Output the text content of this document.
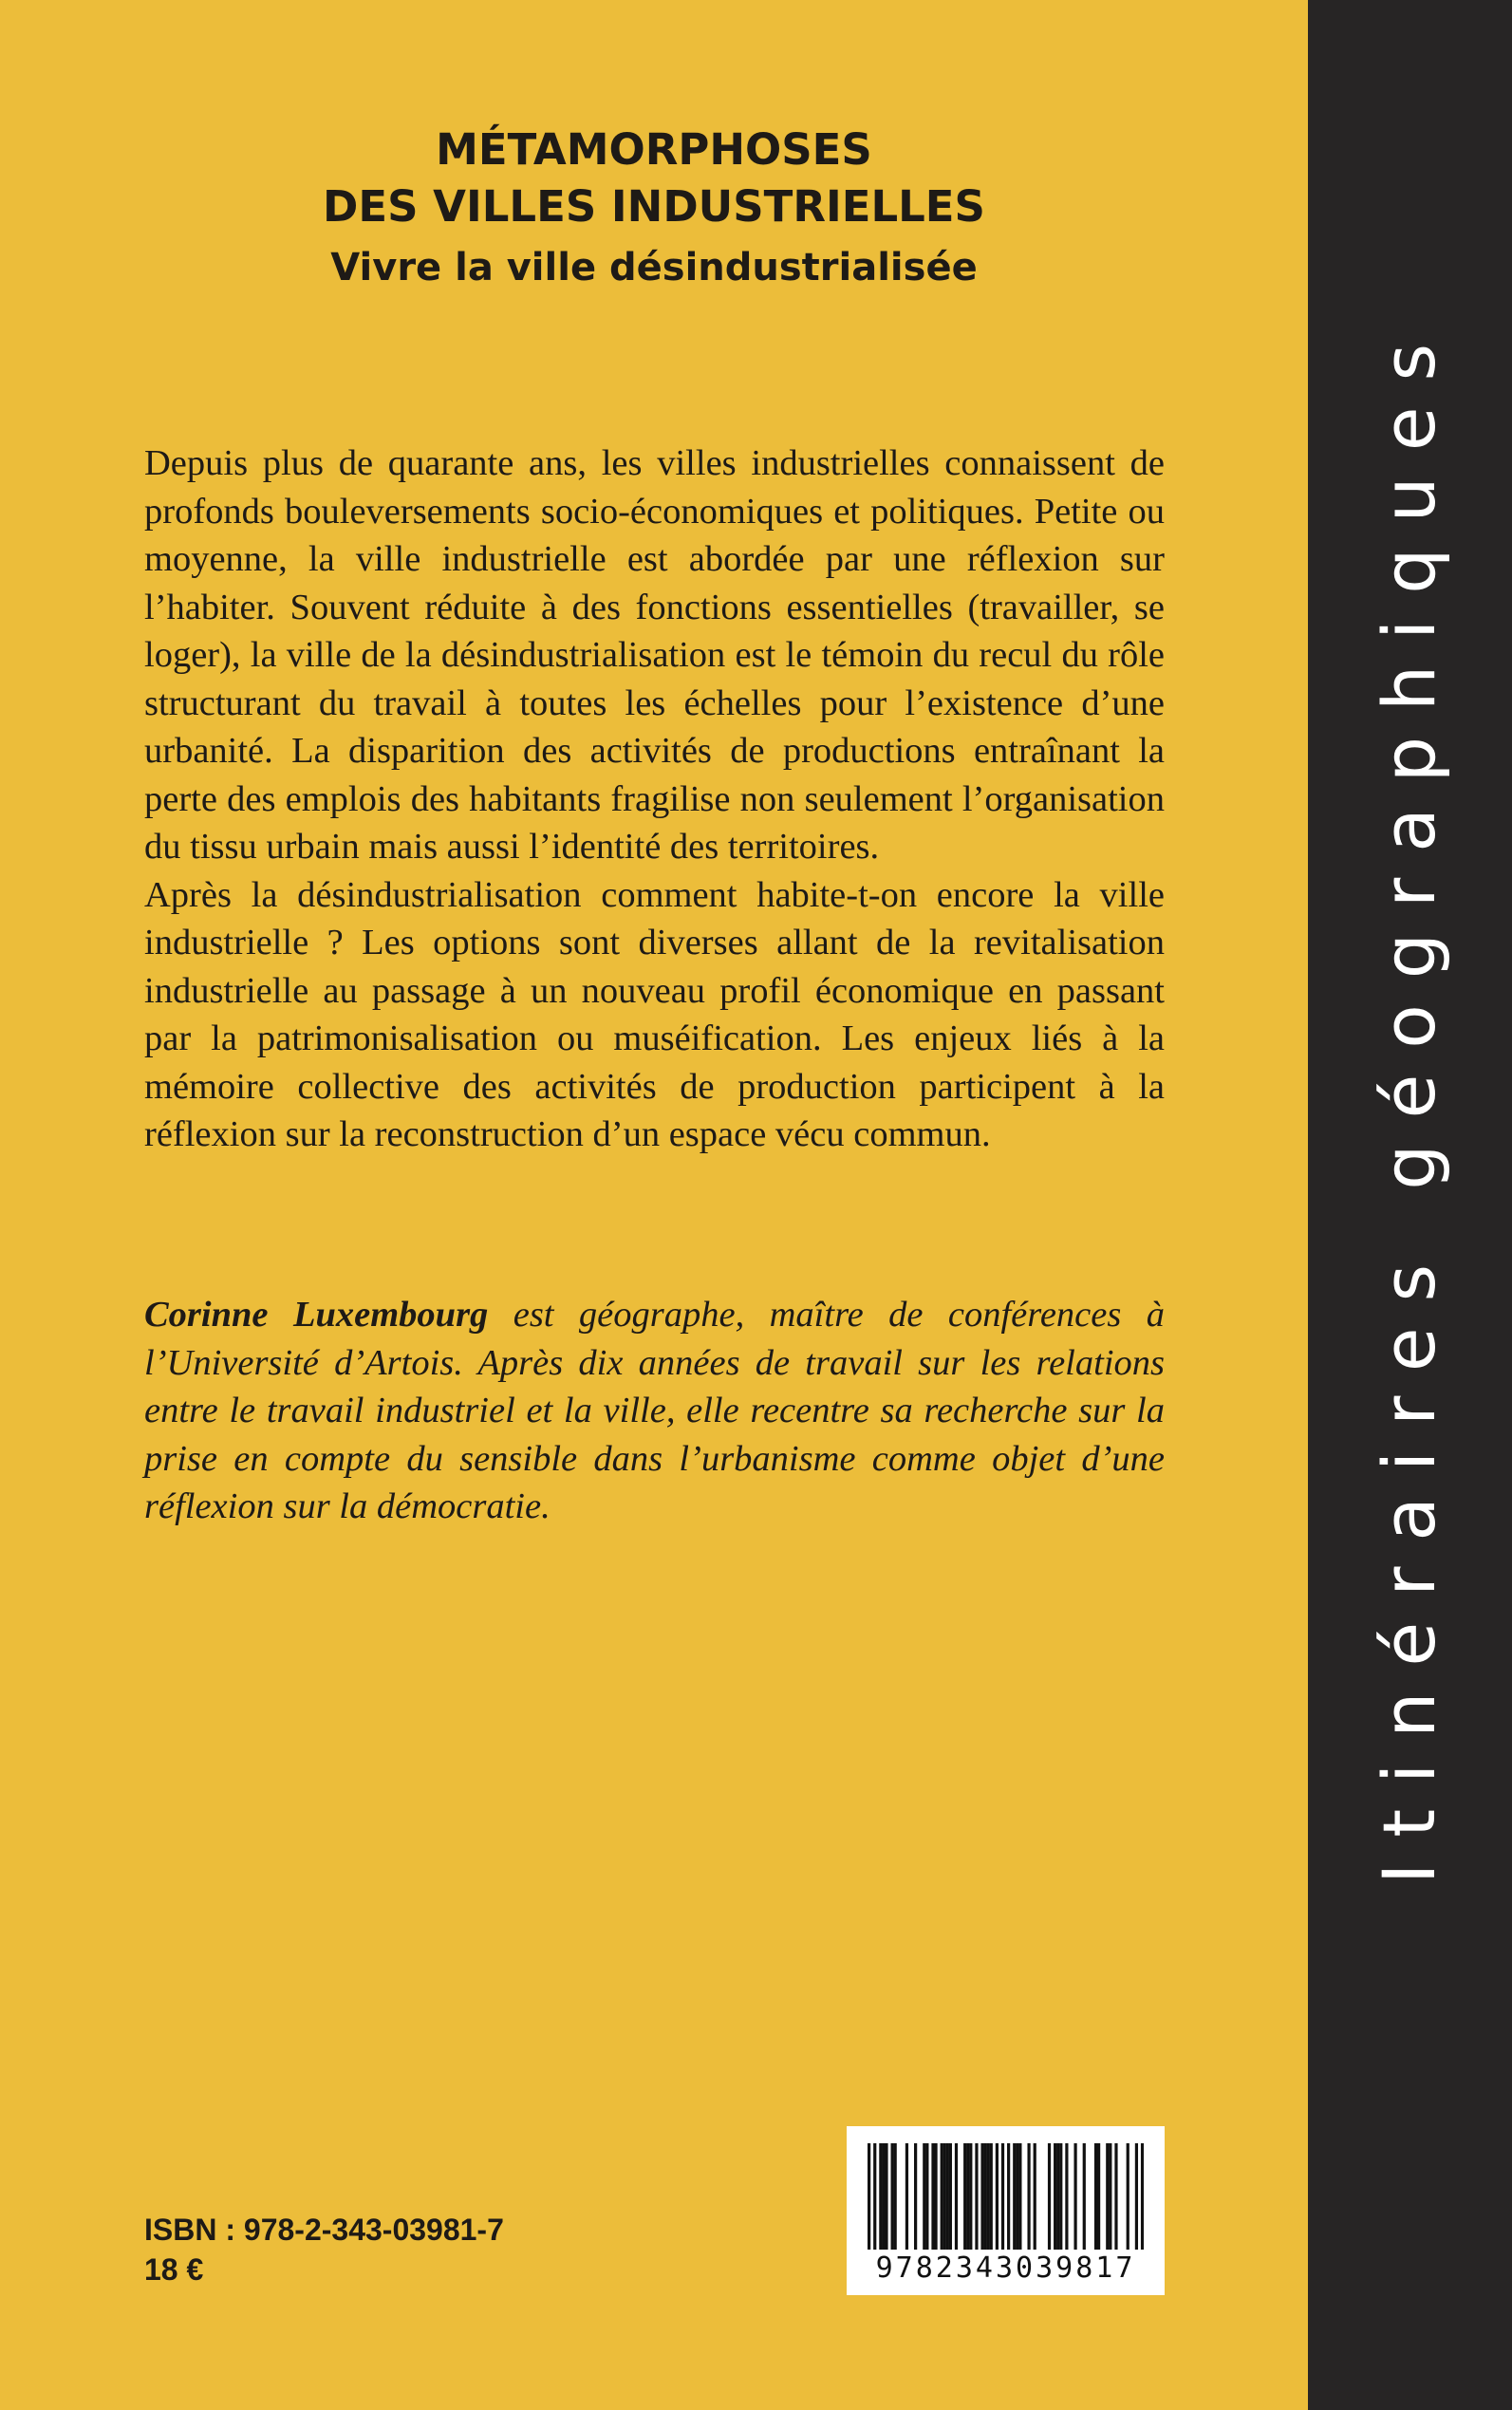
Itinéraires géographiques
MÉTAMORPHOSES
DES VILLES INDUSTRIELLES
Vivre la ville désindustrialisée

Depuis plus de quarante ans, les villes industrielles connaissent de profonds bouleversements socio-économiques et politiques. Petite ou moyenne, la ville industrielle est abordée par une réflexion sur l’habiter. Souvent réduite à des fonctions essentielles (travailler, se loger), la ville de la désindustrialisation est le témoin du recul du rôle structurant du travail à toutes les échelles pour l’existence d’une urbanité. La disparition des activités de productions entraînant la perte des emplois des habitants fragilise non seulement l’organisation du tissu urbain mais aussi l’identité des territoires.

Après la désindustrialisation comment habite-t-on encore la ville industrielle ? Les options sont diverses allant de la revitalisation industrielle au passage à un nouveau profil économique en passant par la patrimonisalisation ou muséification. Les enjeux liés à la mémoire collective des activités de production participent à la réflexion sur la reconstruction d’un espace vécu commun.

Corinne Luxembourg est géographe, maître de conférences à l’Université d’Artois. Après dix années de travail sur les relations entre le travail industriel et la ville, elle recentre sa recherche sur la prise en compte du sensible dans l’urbanisme comme objet d’une réflexion sur la démocratie.

ISBN : 978-2-343-03981-7
18 €	9782343039817
